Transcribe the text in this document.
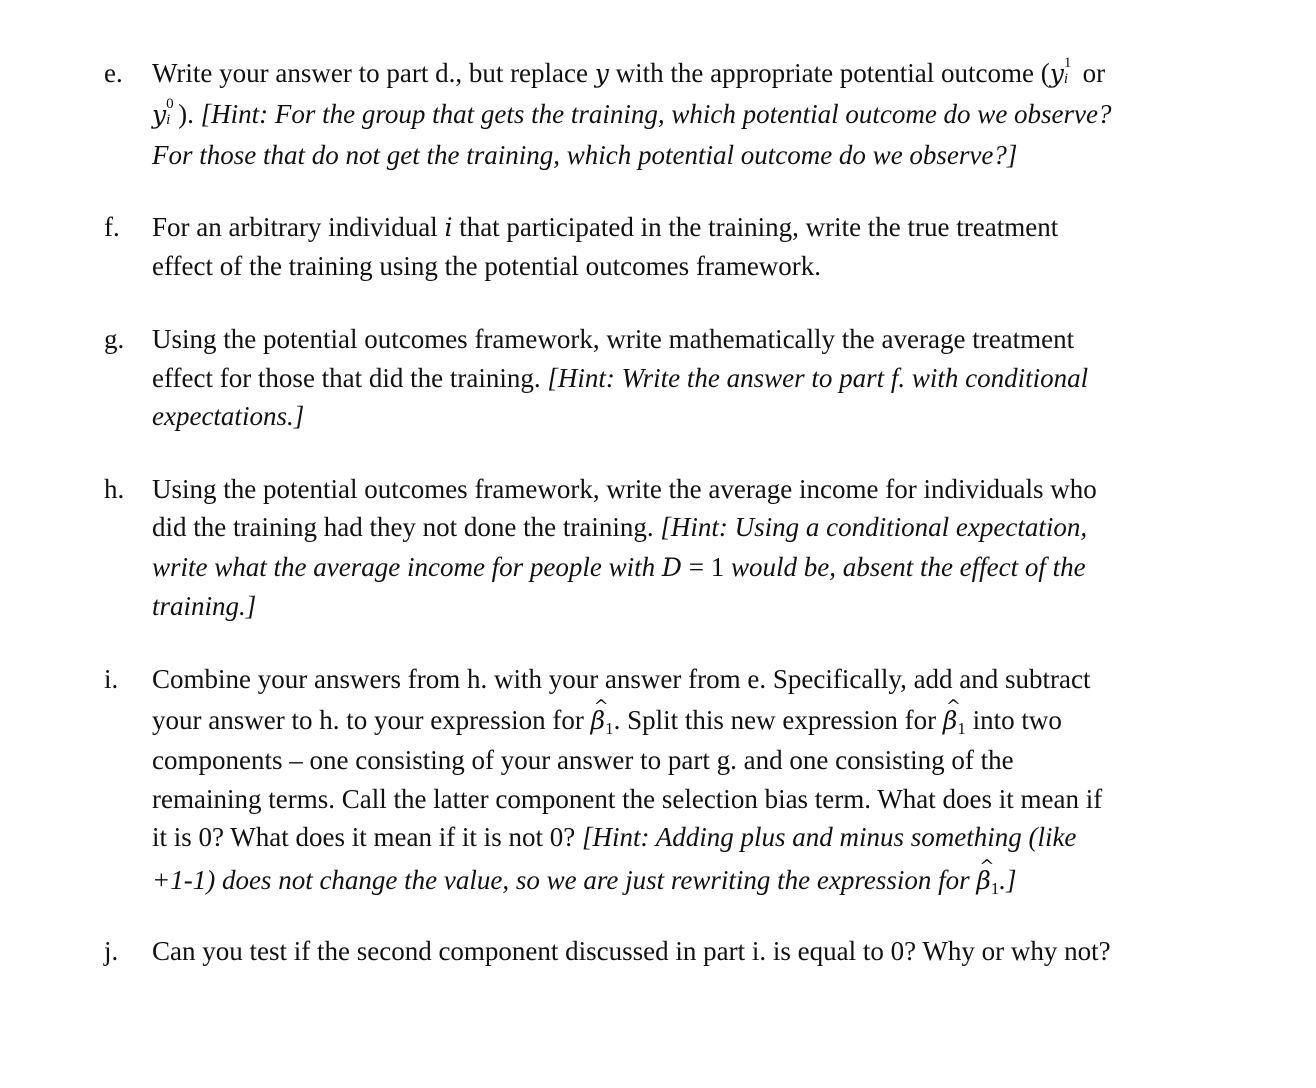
e. Write your answer to part d., but replace y with the appropriate potential outcome (y 1
i or
y 0
i ). [Hint: For the group that gets the training, which potential outcome do we observe?
For those that do not get the training, which potential outcome do we observe?]
f. For an arbitrary individual i that participated in the training, write the true treatment
effect of the training using the potential outcomes framework.
g. Using the potential outcomes framework, write mathematically the average treatment
effect for those that did the training. [Hint: Write the answer to part f. with conditional
expectations.]
h. Using the potential outcomes framework, write the average income for individuals who
did the training had they not done the training. [Hint: Using a conditional expectation,
write what the average income for people with D = 1 would be, absent the effect of the
training.]
i. Combine your answers from h. with your answer from e. Specifically, add and subtract
your answer to h. to your expression for ^ $\beta_1$. Split this new expression for ^ $\beta_1$ into two
components – one consisting of your answer to part g. and one consisting of the
remaining terms. Call the latter component the selection bias term. What does it mean if
it is 0? What does it mean if it is not 0? [Hint: Adding plus and minus something (like
+1-1) does not change the value, so we are just rewriting the expression for ^ $\beta_1$.]
j. Can you test if the second component discussed in part i. is equal to 0? Why or why not?
